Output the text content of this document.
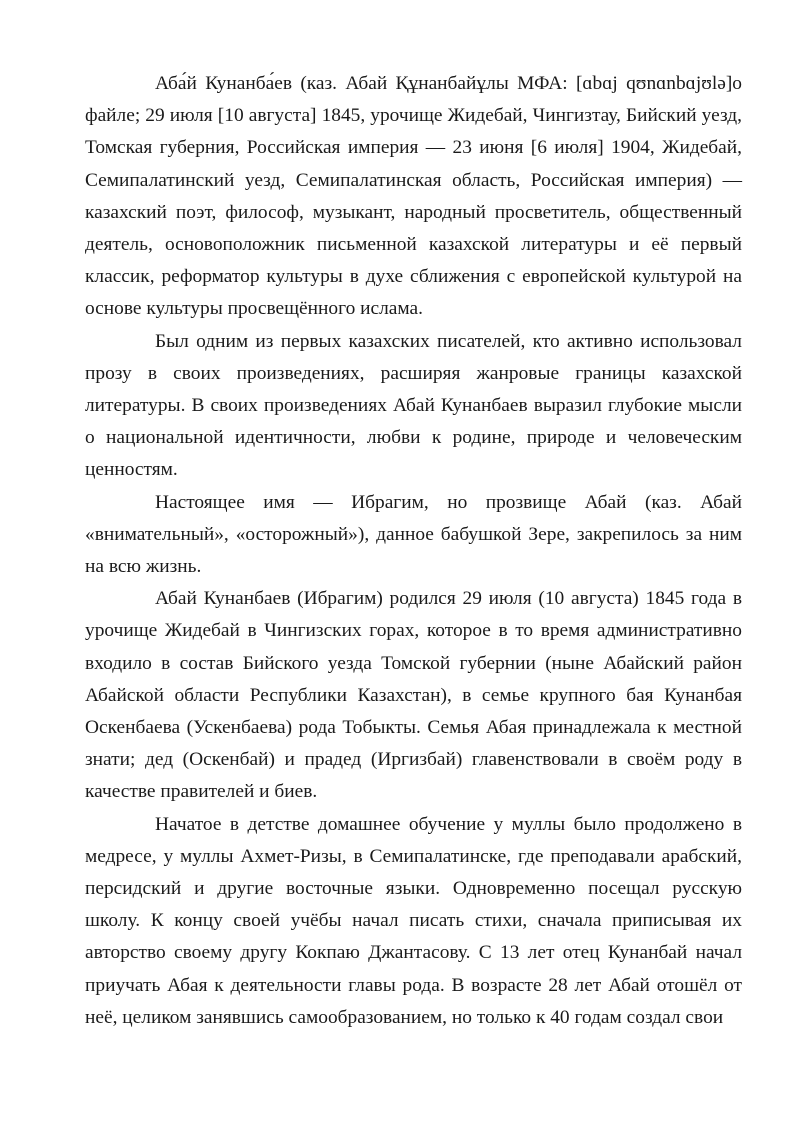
Аба́й Кунанба́ев (каз. Абай Құнанбайұлы МФА: [ɑbɑj qʊnɑnbɑjʊlə]о файле; 29 июля [10 августа] 1845, урочище Жидебай, Чингизтау, Бийский уезд, Томская губерния, Российская империя — 23 июня [6 июля] 1904, Жидебай, Семипалатинский уезд, Семипалатинская область, Российская империя) — казахский поэт, философ, музыкант, народный просветитель, общественный деятель, основоположник письменной казахской литературы и её первый классик, реформатор культуры в духе сближения с европейской культурой на основе культуры просвещённого ислама.

Был одним из первых казахских писателей, кто активно использовал прозу в своих произведениях, расширяя жанровые границы казахской литературы. В своих произведениях Абай Кунанбаев выразил глубокие мысли о национальной идентичности, любви к родине, природе и человеческим ценностям.

Настоящее имя — Ибрагим, но прозвище Абай (каз. Абай «внимательный», «осторожный»), данное бабушкой Зере, закрепилось за ним на всю жизнь.

Абай Кунанбаев (Ибрагим) родился 29 июля (10 августа) 1845 года в урочище Жидебай в Чингизских горах, которое в то время административно входило в состав Бийского уезда Томской губернии (ныне Абайский район Абайской области Республики Казахстан), в семье крупного бая Кунанбая Оскенбаева (Ускенбаева) рода Тобыкты. Семья Абая принадлежала к местной знати; дед (Оскенбай) и прадед (Иргизбай) главенствовали в своём роду в качестве правителей и биев.

Начатое в детстве домашнее обучение у муллы было продолжено в медресе, у муллы Ахмет-Ризы, в Семипалатинске, где преподавали арабский, персидский и другие восточные языки. Одновременно посещал русскую школу. К концу своей учёбы начал писать стихи, сначала приписывая их авторство своему другу Кокпаю Джантасову. С 13 лет отец Кунанбай начал приучать Абая к деятельности главы рода. В возрасте 28 лет Абай отошёл от неё, целиком занявшись самообразованием, но только к 40 годам создал свои
